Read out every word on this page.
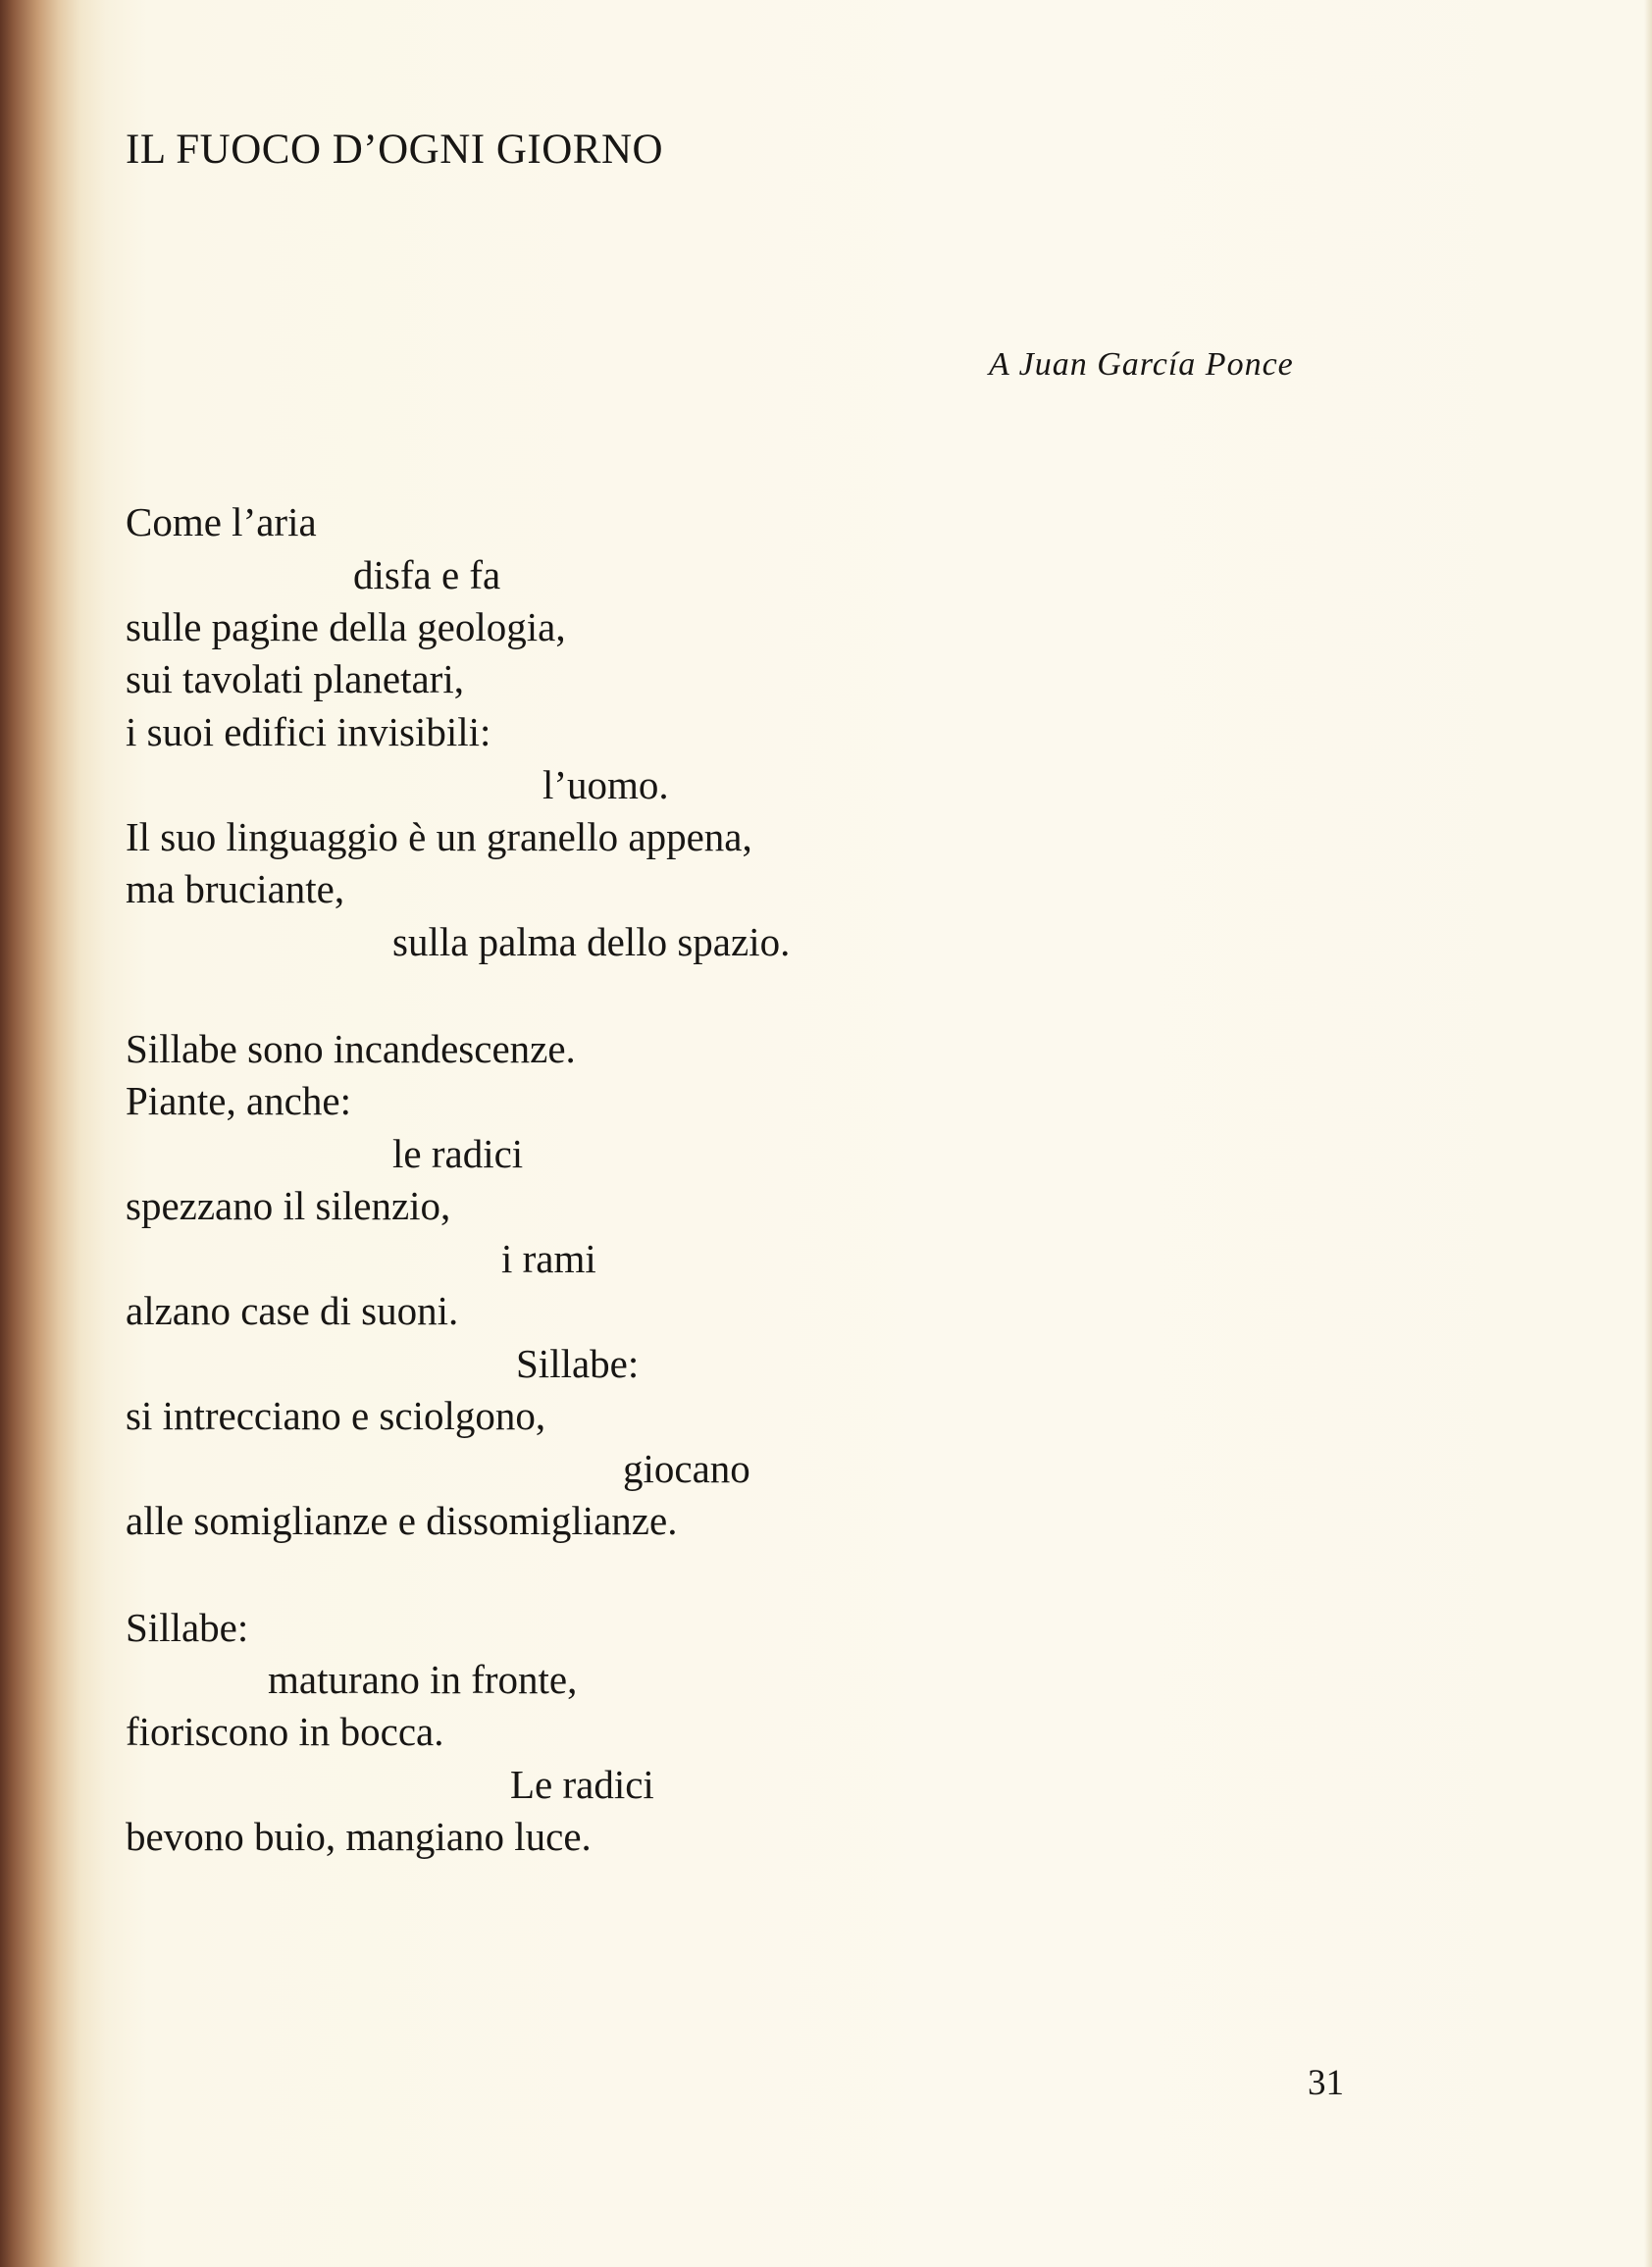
IL FUOCO D’OGNI GIORNO
A Juan García Ponce
Come l’aria
disfa e fa
sulle pagine della geologia,
sui tavolati planetari,
i suoi edifici invisibili:
l’uomo.
Il suo linguaggio è un granello appena,
ma bruciante,
sulla palma dello spazio.
Sillabe sono incandescenze.
Piante, anche:
le radici
spezzano il silenzio,
i rami
alzano case di suoni.
Sillabe:
si intrecciano e sciolgono,
giocano
alle somiglianze e dissomiglianze.
Sillabe:
maturano in fronte,
fioriscono in bocca.
Le radici
bevono buio, mangiano luce.
31
